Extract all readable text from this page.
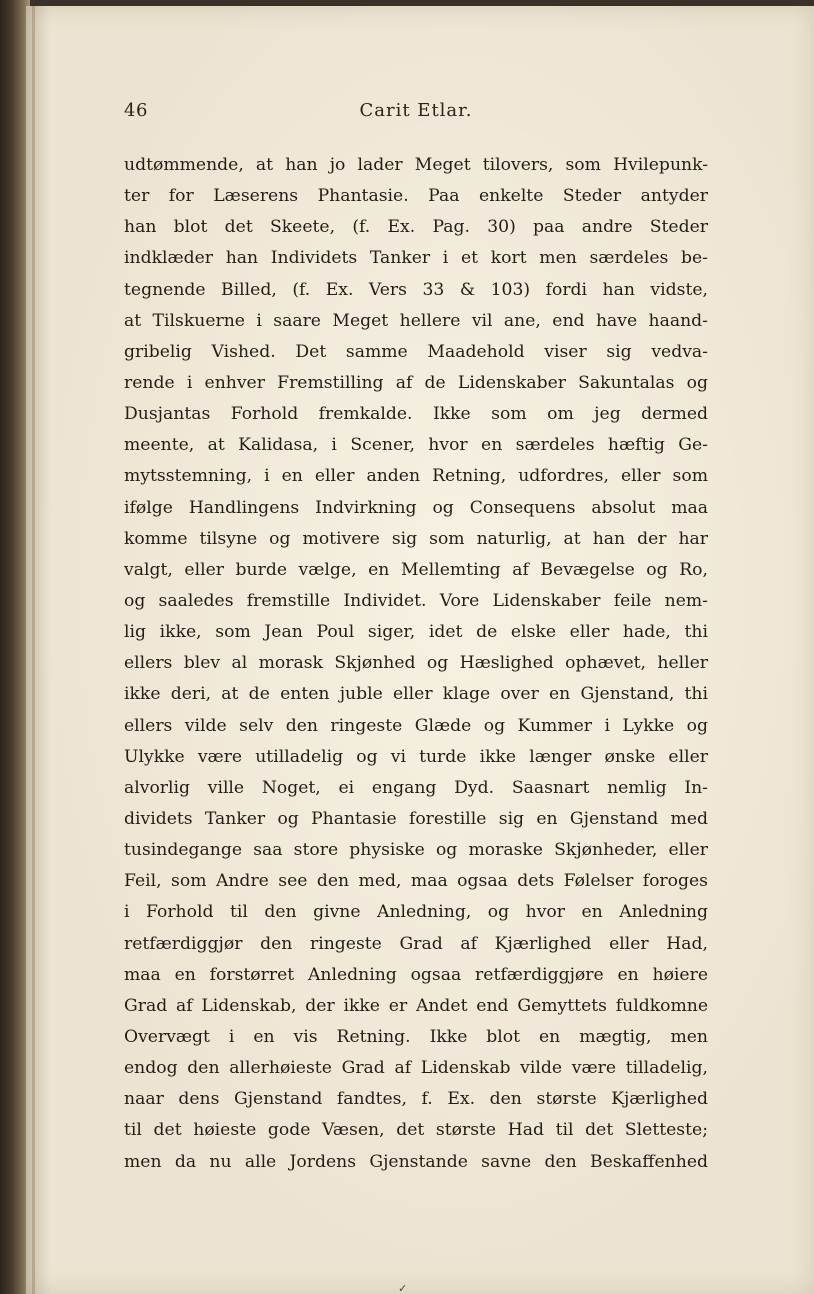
46	Carit Etlar.
udtømmende, at han jo lader Meget tilovers, som Hvilepunk-
ter for Læserens Phantasie. Paa enkelte Steder antyder
han blot det Skeete, (f. Ex. Pag. 30) paa andre Steder
indklæder han Individets Tanker i et kort men særdeles be-
tegnende Billed, (f. Ex. Vers 33 & 103) fordi han vidste,
at Tilskuerne i saare Meget hellere vil ane, end have haand-
gribelig Vished. Det samme Maadehold viser sig vedva-
rende i enhver Fremstilling af de Lidenskaber Sakuntalas og
Dusjantas Forhold fremkalde. Ikke som om jeg dermed
meente, at Kalidasa, i Scener, hvor en særdeles hæftig Ge-
mytsstemning, i en eller anden Retning, udfordres, eller som
ifølge Handlingens Indvirkning og Consequens absolut maa
komme tilsyne og motivere sig som naturlig, at han der har
valgt, eller burde vælge, en Mellemting af Bevægelse og Ro,
og saaledes fremstille Individet. Vore Lidenskaber feile nem-
lig ikke, som Jean Poul siger, idet de elske eller hade, thi
ellers blev al morask Skjønhed og Hæslighed ophævet, heller
ikke deri, at de enten juble eller klage over en Gjenstand, thi
ellers vilde selv den ringeste Glæde og Kummer i Lykke og
Ulykke være utilladelig og vi turde ikke længer ønske eller
alvorlig ville Noget, ei engang Dyd. Saasnart nemlig In-
dividets Tanker og Phantasie forestille sig en Gjenstand med
tusindegange saa store physiske og moraske Skjønheder, eller
Feil, som Andre see den med, maa ogsaa dets Følelser foroges
i Forhold til den givne Anledning, og hvor en Anledning
retfærdiggjør den ringeste Grad af Kjærlighed eller Had,
maa en forstørret Anledning ogsaa retfærdiggjøre en høiere
Grad af Lidenskab, der ikke er Andet end Gemyttets fuldkomne
Overvægt i en vis Retning. Ikke blot en mægtig, men
endog den allerhøieste Grad af Lidenskab vilde være tilladelig,
naar dens Gjenstand fandtes, f. Ex. den største Kjærlighed
til det høieste gode Væsen, det største Had til det Sletteste;
men da nu alle Jordens Gjenstande savne den Beskaffenhed
✓
